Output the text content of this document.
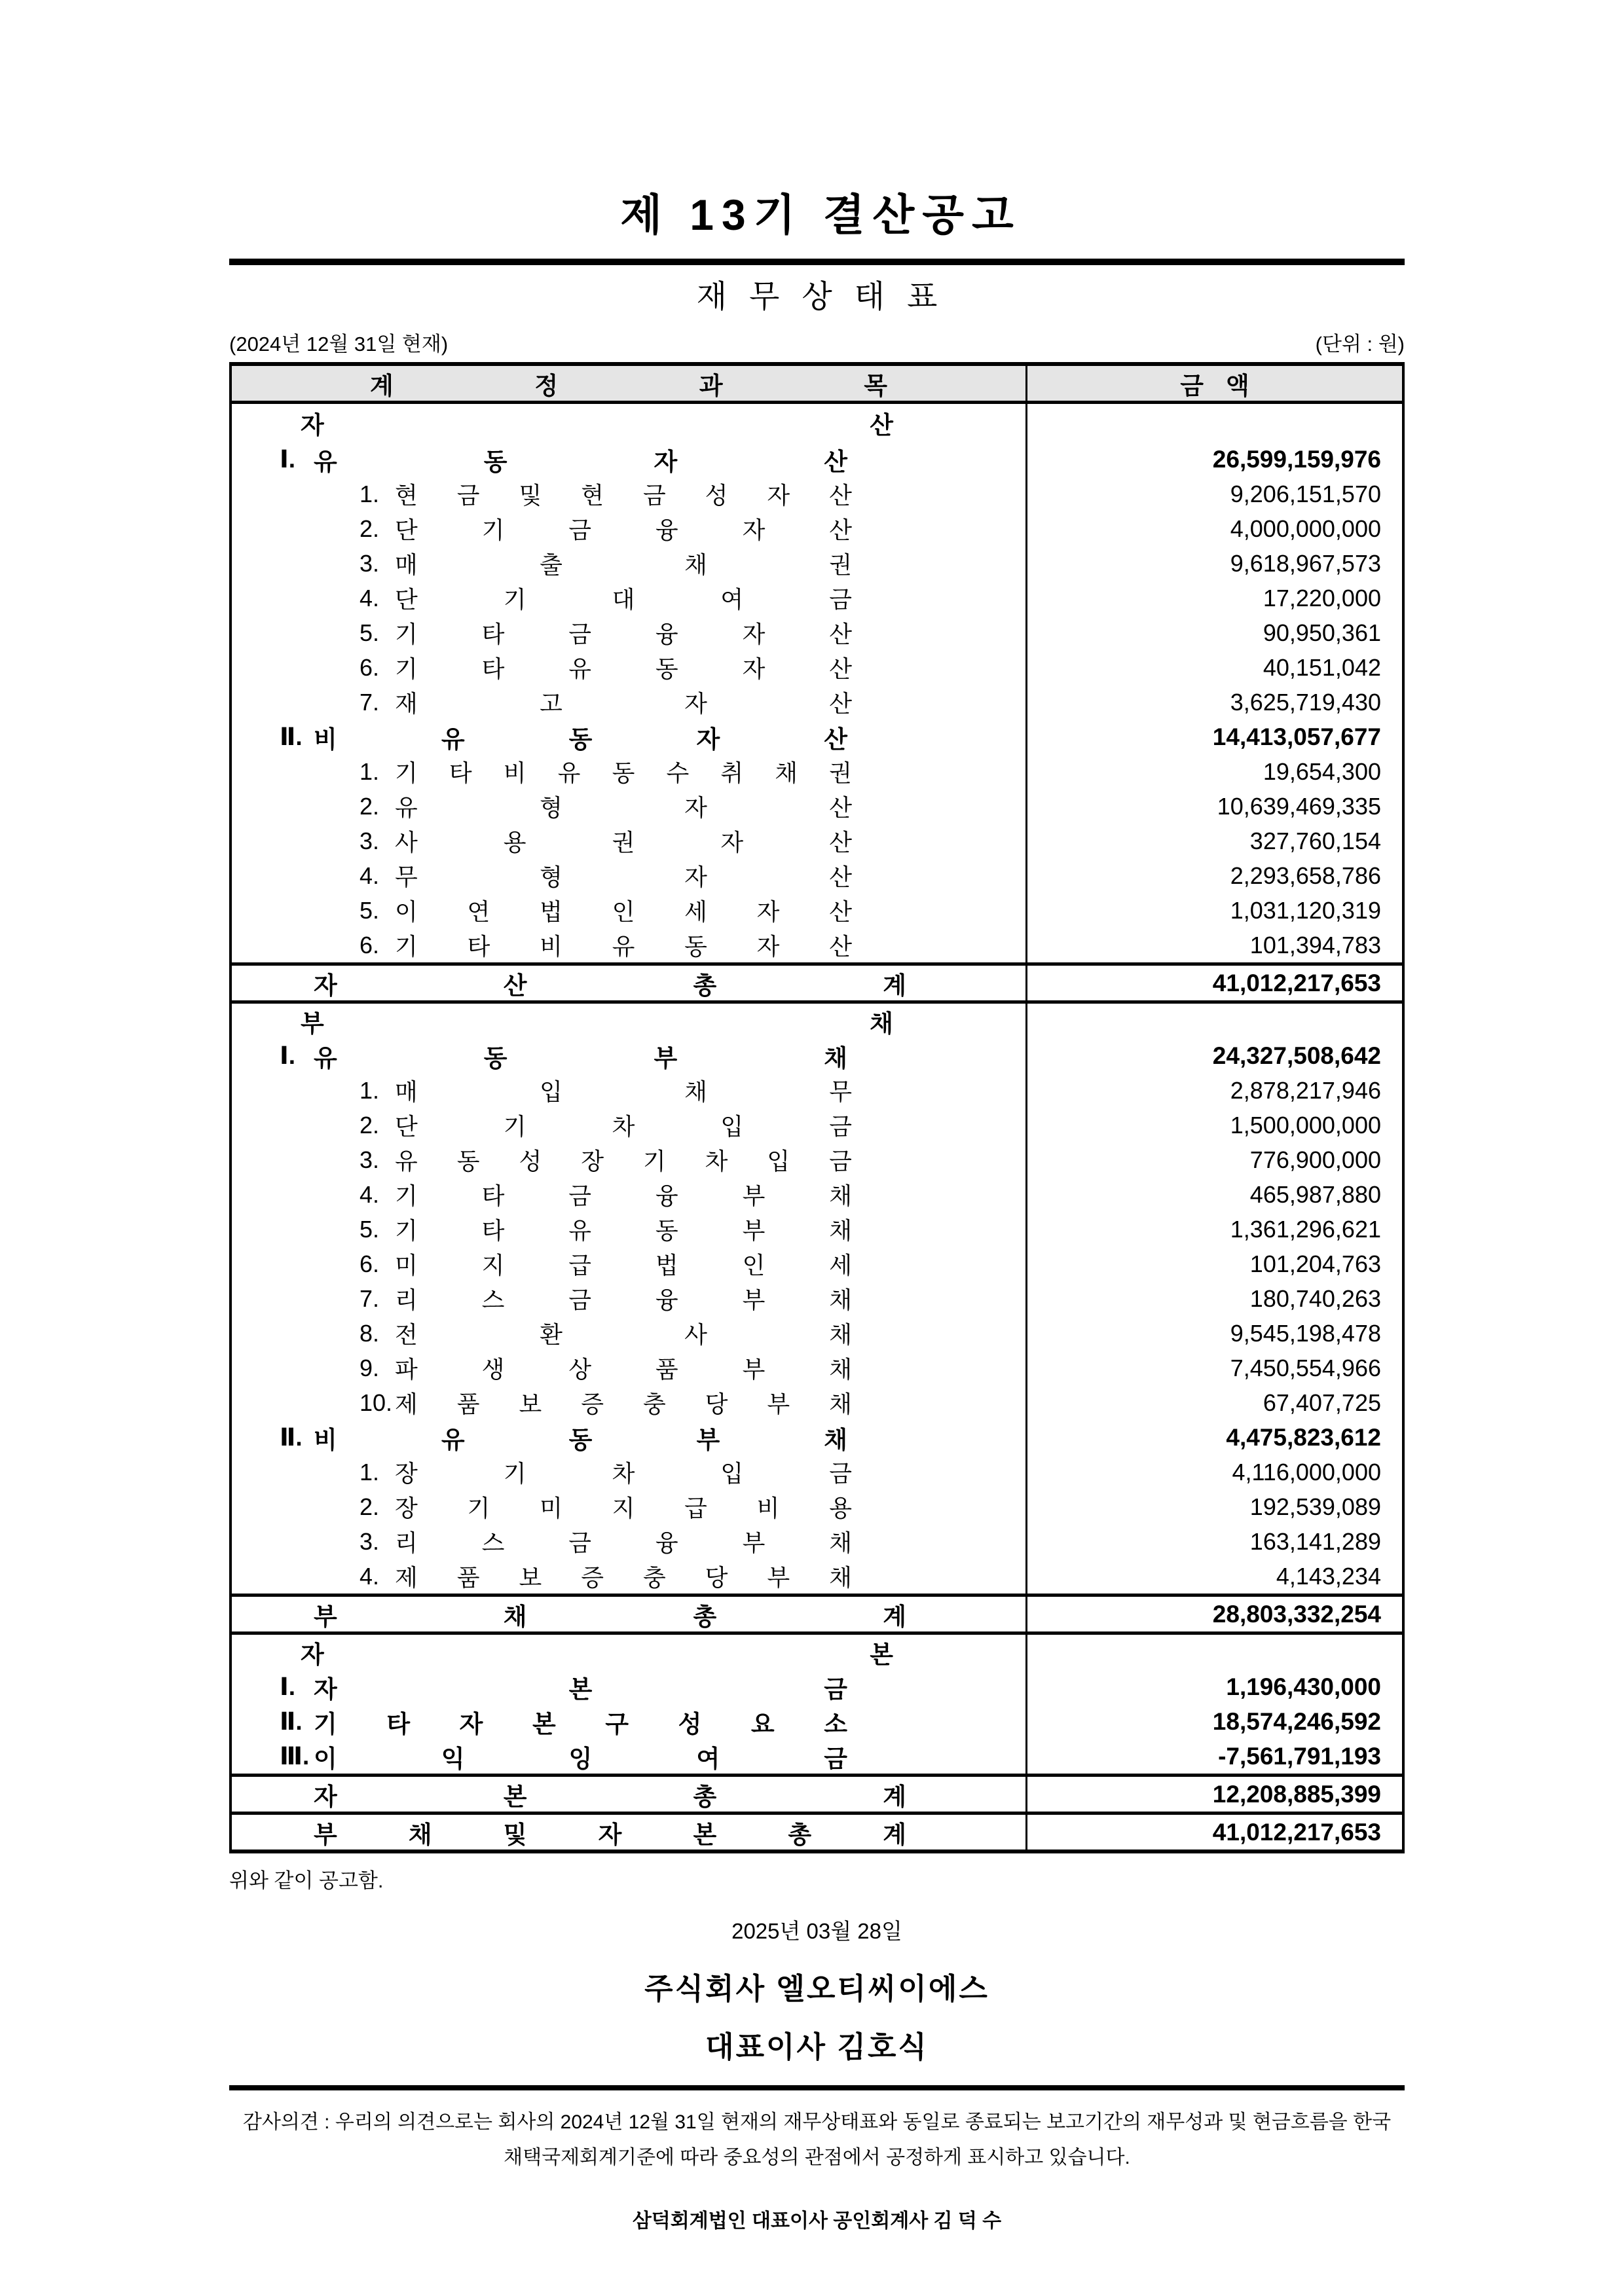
제 13기 결산공고
재무상태표
(2024년 12월 31일 현재)	(단위 : 원)
계	정	과	목	금액
자	산
Ⅰ. 유	동	자	산	26,599,159,976
1. 현 금 및 현 금 성 자 산	9,206,151,570
2. 단	기	금	융	자	산	4,000,000,000
3. 매	출	채	권	9,618,967,573
4. 단	기	대	여	금	17,220,000
5. 기	타	금	융	자	산	90,950,361
6. 기	타	유	동	자	산	40,151,042
7. 재	고	자	산	3,625,719,430
Ⅱ. 비	유	동	자	산	14,413,057,677
1. 기 타 비 유 동 수 취 채 권	19,654,300
2. 유	형	자	산	10,639,469,335
3. 사	용	권	자	산	327,760,154
4. 무	형	자	산	2,293,658,786
5. 이 연 법 인 세 자 산	1,031,120,319
6. 기 타 비 유 동 자 산	101,394,783
자	산	총	계	41,012,217,653
부	채
Ⅰ. 유	동	부	채	24,327,508,642
1. 매	입	채	무	2,878,217,946
2. 단	기	차	입	금	1,500,000,000
3. 유 동 성 장 기 차 입 금	776,900,000
4. 기	타	금	융	부	채	465,987,880
5. 기	타	유	동	부	채	1,361,296,621
6. 미	지	급	법	인	세	101,204,763
7. 리	스	금	융	부	채	180,740,263
8. 전	환	사	채	9,545,198,478
9. 파	생	상	품	부	채	7,450,554,966
10. 제 품 보 증 충 당 부 채	67,407,725
Ⅱ. 비	유	동	부	채	4,475,823,612
1. 장	기	차	입	금	4,116,000,000
2. 장 기 미 지 급 비 용	192,539,089
3. 리	스	금	융	부	채	163,141,289
4. 제 품 보 증 충 당 부 채	4,143,234
부	채	총	계	28,803,332,254
자	본
Ⅰ. 자	본	금	1,196,430,000
Ⅱ. 기 타 자 본 구 성 요 소	18,574,246,592
Ⅲ. 이	익	잉	여	금	-7,561,791,193
자	본	총	계	12,208,885,399
부	채	및	자	본	총	계	41,012,217,653
위와 같이 공고함.
2025년 03월 28일
주식회사 엘오티씨이에스
대표이사 김호식
감사의견 : 우리의 의견으로는 회사의 2024년 12월 31일 현재의 재무상태표와 동일로 종료되는 보고기간의 재무성과 및 현금흐름을 한국
채택국제회계기준에 따라 중요성의 관점에서 공정하게 표시하고 있습니다.
삼덕회계법인 대표이사 공인회계사 김 덕 수
